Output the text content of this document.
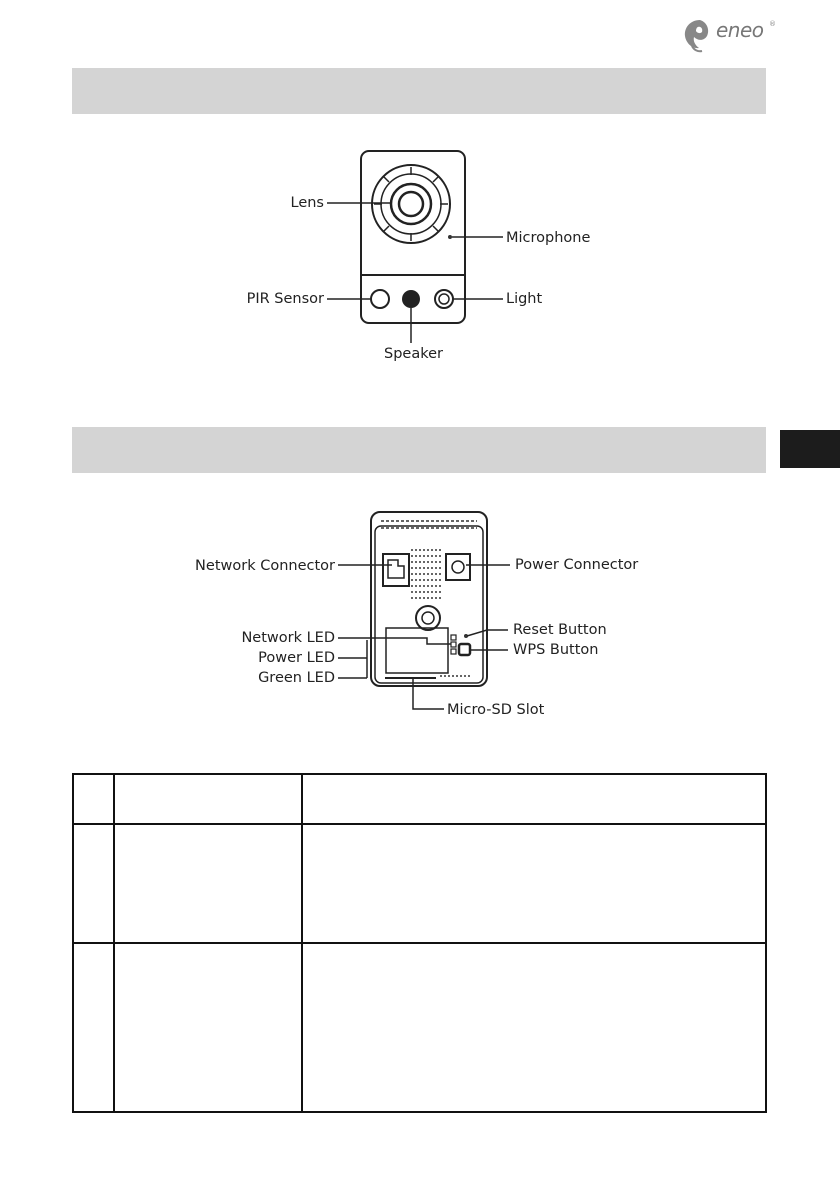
eneo ®
Lens
Microphone
PIR Sensor	Light
Speaker
Network Connector	Power Connector
Reset Button
WPS Button
Network LED
Power LED
Green LED
Micro-SD Slot
